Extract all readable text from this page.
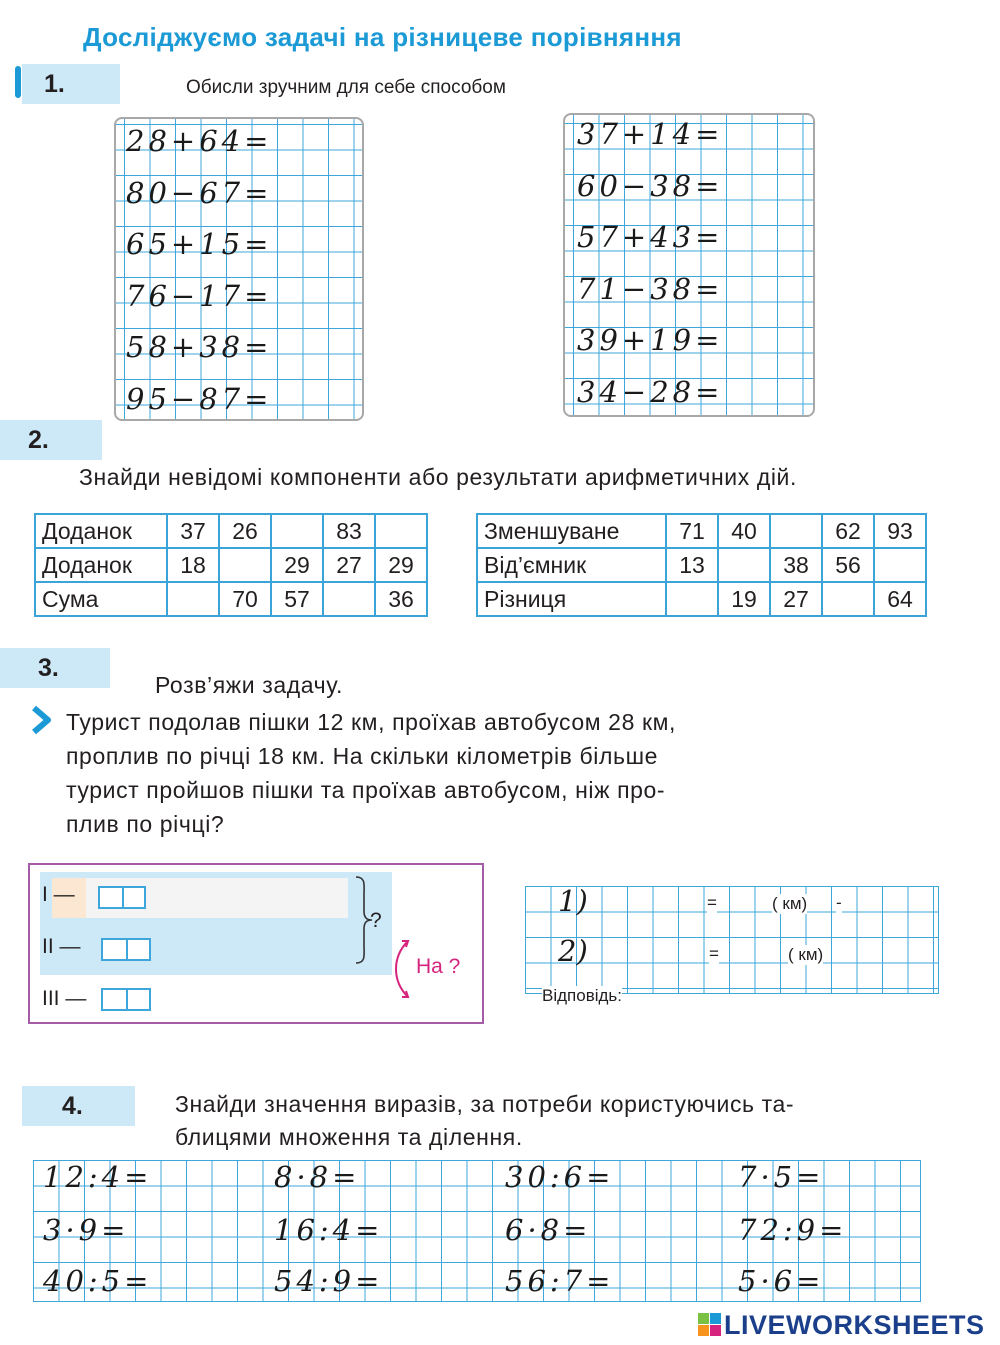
Досліджуємо задачі на різницеве порівняння
1.	Обисли зручним для себе способом
28+64=
80−67=
65+15=
76−17=
58+38=
95−87=
37+14=
60−38=
57+43=
71−38=
39+19=
34−28=
2.
Знайди невідомі компоненти або результати арифметичних дій.
Доданок	37	26		83	
Доданок	18		29	27	29
Сума		70	57		36
Зменшуване	71	40		62	93
Від’ємник	13		38	56	
Різниця		19	27		64
3.
Розв’яжи задачу.
Турист подолав пішки 12 км, проїхав автобусом 28 км,
проплив по річці 18 км. На скільки кілометрів більше
турист пройшов пішки та проїхав автобусом, ніж про-
плив по річці?
I —
II —
III —
?
На ?
1)	=	( км) -
2)	=	( км)
Відповідь:
4.	Знайди значення виразів, за потреби користуючись та-
блицями множення та ділення.
12:4=
3·9=
40:5=
8·8=
16:4=
54:9=
30:6=
6·8=
56:7=
7·5=
72:9=
5·6=
LIVEWORKSHEETS
